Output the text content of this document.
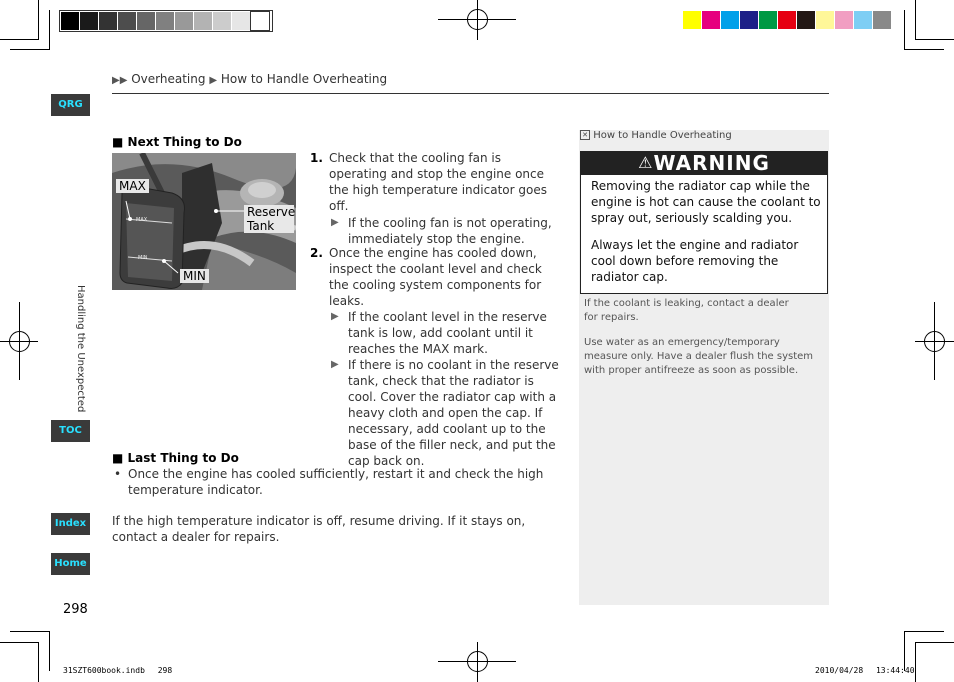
QRG
TOC
Index
Home
Handling the Unexpected
▶▶ Overheating ▶ How to Handle Overheating
■ Next Thing to Do
MAX
MIN
MAX
Reserve
Tank
MIN
1. Check that the cooling fan is operating and stop the engine once the high temperature indicator goes off.
▶ If the cooling fan is not operating, immediately stop the engine.
2. Once the engine has cooled down, inspect the coolant level and check the cooling system components for leaks.
▶ If the coolant level in the reserve tank is low, add coolant until it reaches the MAX mark.
▶ If there is no coolant in the reserve tank, check that the radiator is cool. Cover the radiator cap with a heavy cloth and open the cap. If necessary, add coolant up to the base of the filler neck, and put the cap back on.
■ Last Thing to Do
• Once the engine has cooled sufficiently, restart it and check the high temperature indicator.
If the high temperature indicator is off, resume driving. If it stays on, contact a dealer for repairs.
✕ How to Handle Overheating
⚠WARNING
Removing the radiator cap while the engine is hot can cause the coolant to spray out, seriously scalding you.
Always let the engine and radiator cool down before removing the radiator cap.
If the coolant is leaking, contact a dealer for repairs.
Use water as an emergency/temporary measure only. Have a dealer flush the system with proper antifreeze as soon as possible.
298
31SZT600book.indb　 298	2010/04/28　 13:44:40
